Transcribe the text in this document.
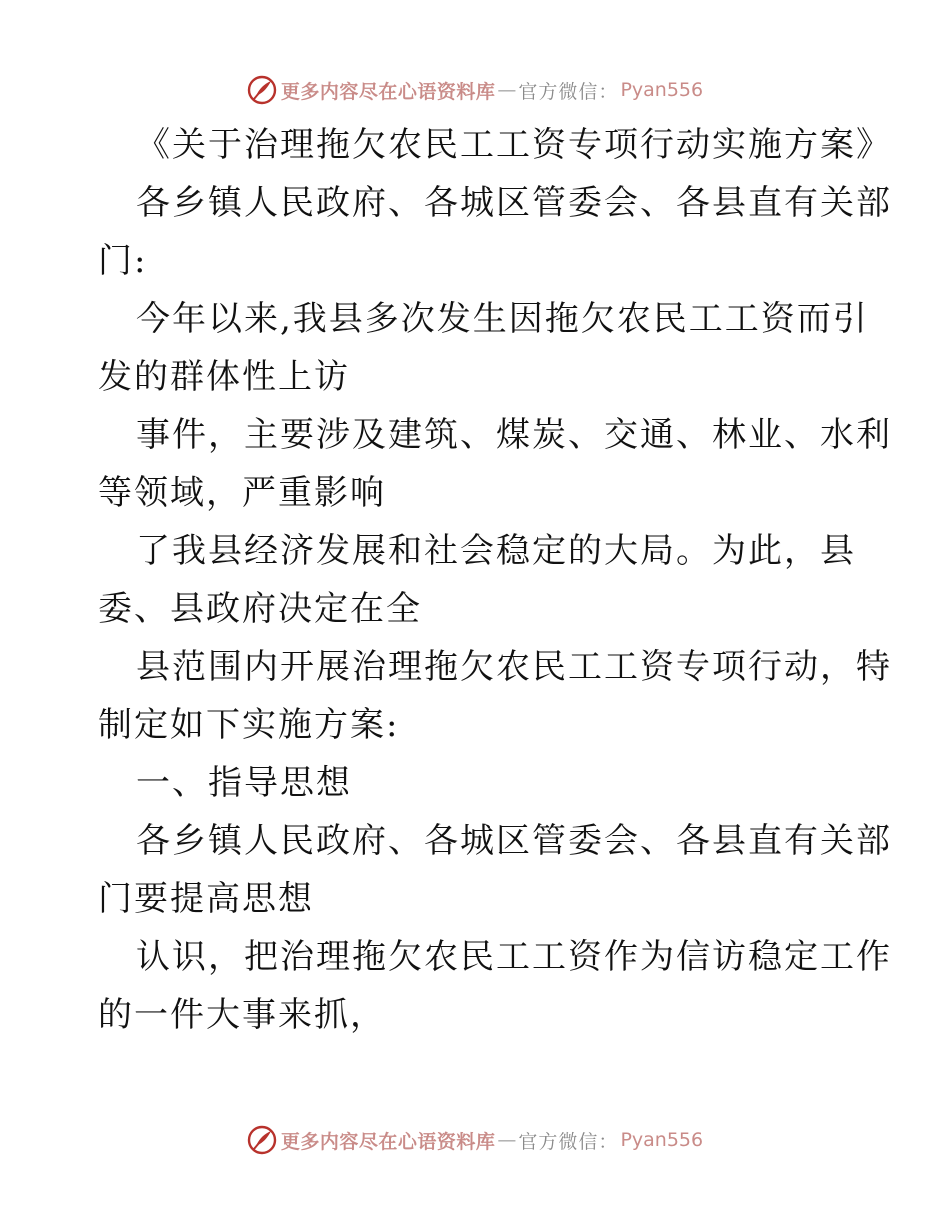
更多内容尽在心语资料库 — 官方微信： Pyan556
《关于治理拖欠农民工工资专项行动实施方案》
各乡镇人民政府、各城区管委会、各县直有关部
门:
今年以来,我县多次发生因拖欠农民工工资而引
发的群体性上访
事件，主要涉及建筑、煤炭、交通、林业、水利
等领域，严重影响
了我县经济发展和社会稳定的大局。为此，县
委、县政府决定在全
县范围内开展治理拖欠农民工工资专项行动，特
制定如下实施方案:
一、指导思想
各乡镇人民政府、各城区管委会、各县直有关部
门要提高思想
认识，把治理拖欠农民工工资作为信访稳定工作
的一件大事来抓，
更多内容尽在心语资料库 — 官方微信： Pyan556
